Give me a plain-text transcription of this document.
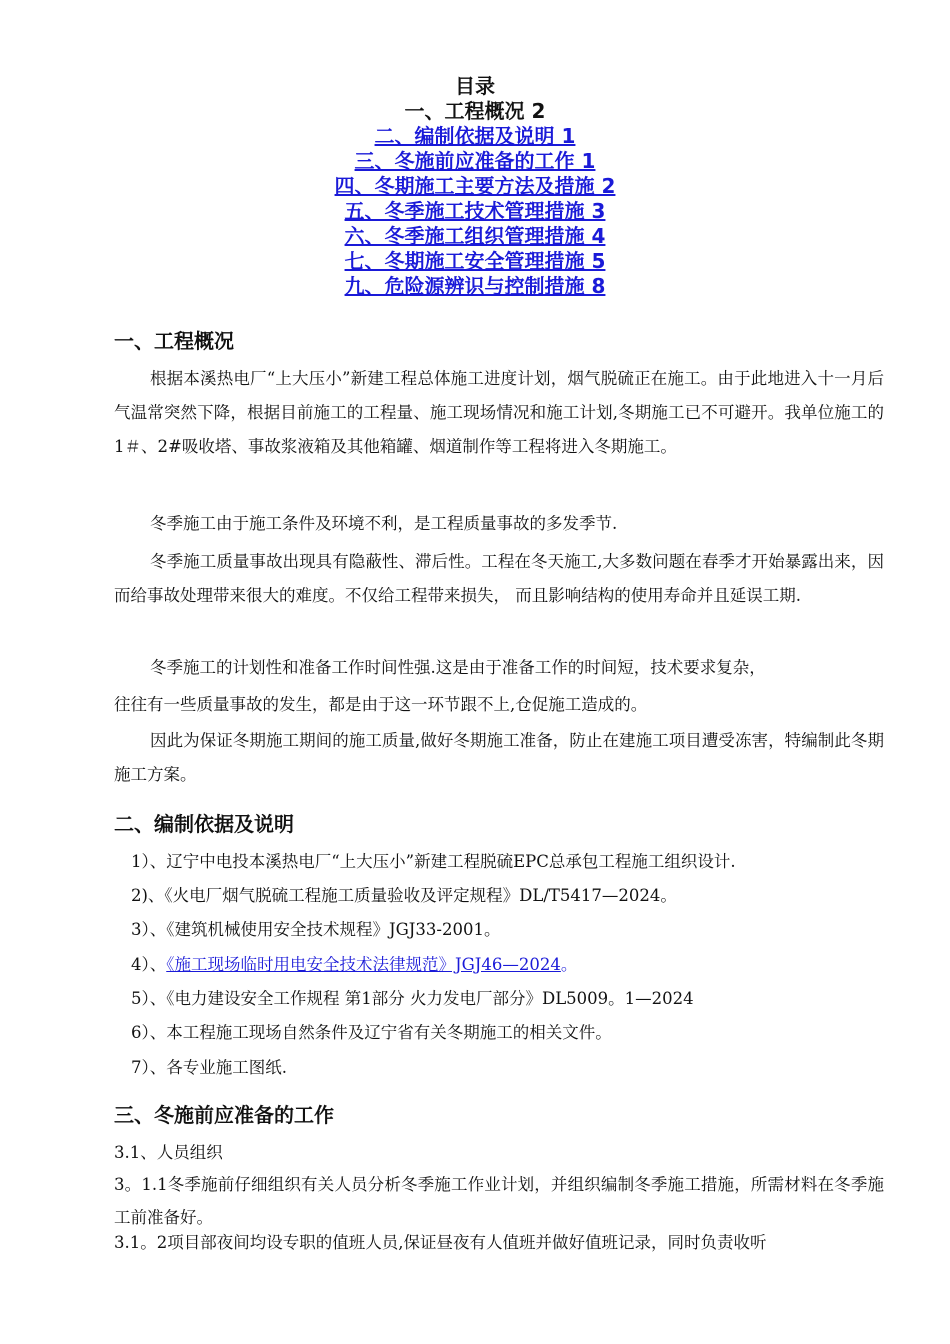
目录
一、工程概况 2
二、编制依据及说明 1
三、冬施前应准备的工作 1
四、冬期施工主要方法及措施 2
五、冬季施工技术管理措施 3
六、冬季施工组织管理措施 4
七、冬期施工安全管理措施 5
九、危险源辨识与控制措施 8
一、工程概况

根据本溪热电厂“上大压小”新建工程总体施工进度计划，烟气脱硫正在施工。由于此地进入十一月后气温常突然下降，根据目前施工的工程量、施工现场情况和施工计划,冬期施工已不可避开。我单位施工的 1＃、2#吸收塔、事故浆液箱及其他箱罐、烟道制作等工程将进入冬期施工。

冬季施工由于施工条件及环境不利，是工程质量事故的多发季节.

冬季施工质量事故出现具有隐蔽性、滞后性。工程在冬天施工,大多数问题在春季才开始暴露出来，因而给事故处理带来很大的难度。不仅给工程带来损失， 而且影响结构的使用寿命并且延误工期.

冬季施工的计划性和准备工作时间性强.这是由于准备工作的时间短，技术要求复杂，

往往有一些质量事故的发生，都是由于这一环节跟不上,仓促施工造成的。

因此为保证冬期施工期间的施工质量,做好冬期施工准备，防止在建施工项目遭受冻害，特编制此冬期施工方案。

二、编制依据及说明

1）、辽宁中电投本溪热电厂“上大压小”新建工程脱硫EPC总承包工程施工组织设计.

2)、《火电厂烟气脱硫工程施工质量验收及评定规程》DL/T5417—2024。

3）、《建筑机械使用安全技术规程》JGJ33-2001。

4）、《施工现场临时用电安全技术法律规范》JGJ46—2024。

5）、《电力建设安全工作规程 第1部分 火力发电厂部分》DL5009。1—2024

6）、本工程施工现场自然条件及辽宁省有关冬期施工的相关文件。

7）、各专业施工图纸.

三、冬施前应准备的工作

3.1、人员组织

3。1.1冬季施前仔细组织有关人员分析冬季施工作业计划，并组织编制冬季施工措施，所需材料在冬季施工前准备好。

3.1。2项目部夜间均设专职的值班人员,保证昼夜有人值班并做好值班记录，同时负责收听
